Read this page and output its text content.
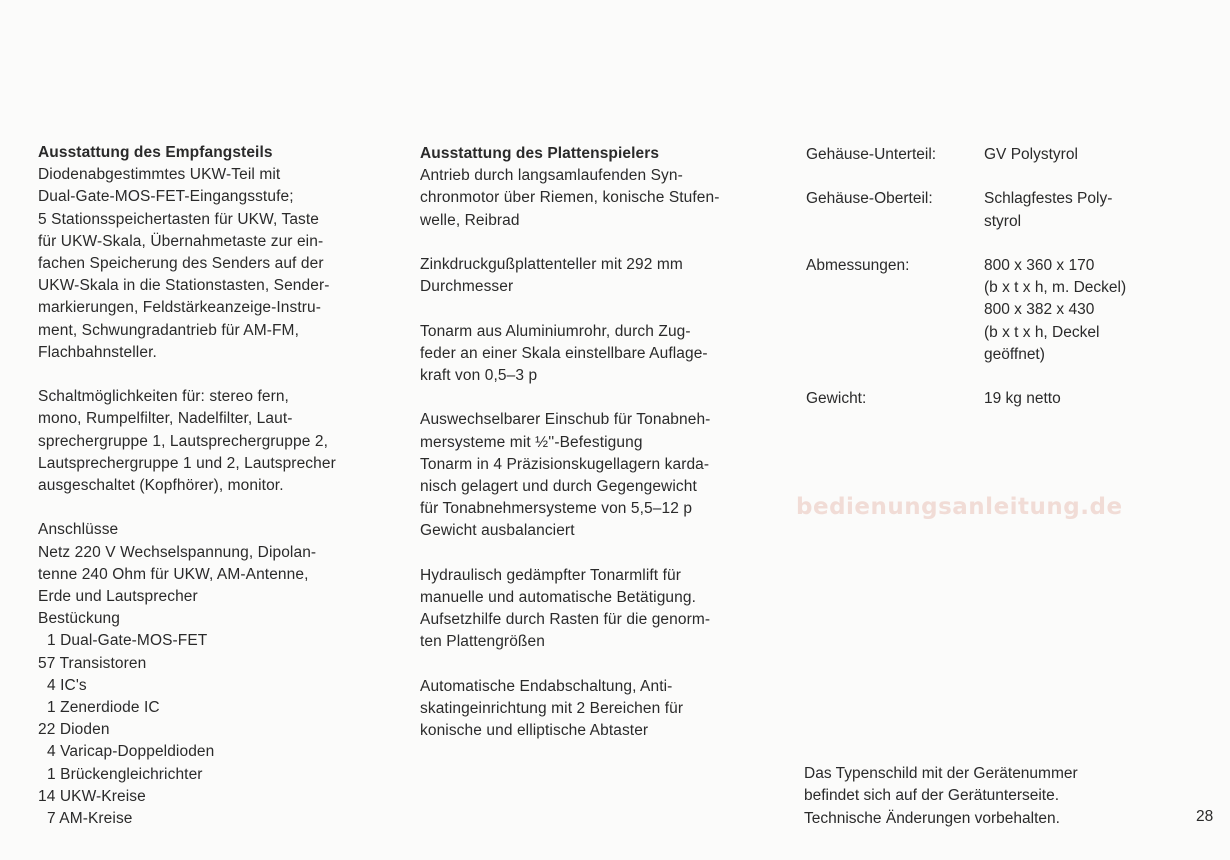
Ausstattung des Empfangsteils

Diodenabgestimmtes UKW-Teil mit

Dual-Gate-MOS-FET-Eingangsstufe;

5 Stationsspeichertasten für UKW, Taste

für UKW-Skala, Übernahmetaste zur ein-

fachen Speicherung des Senders auf der

UKW-Skala in die Stationstasten, Sender-

markierungen, Feldstärkeanzeige-Instru-

ment, Schwungradantrieb für AM-FM,

Flachbahnsteller.

Schaltmöglichkeiten für: stereo fern,

mono, Rumpelfilter, Nadelfilter, Laut-

sprechergruppe 1, Lautsprechergruppe 2,

Lautsprechergruppe 1 und 2, Lautsprecher

ausgeschaltet (Kopfhörer), monitor.

Anschlüsse

Netz 220 V Wechselspannung, Dipolan-

tenne 240 Ohm für UKW, AM-Antenne,

Erde und Lautsprecher

Bestückung

1 Dual-Gate-MOS-FET

57 Transistoren

4 IC's

1 Zenerdiode IC

22 Dioden

4 Varicap-Doppeldioden

1 Brückengleichrichter

14 UKW-Kreise

7 AM-Kreise

Ausstattung des Plattenspielers

Antrieb durch langsamlaufenden Syn-

chronmotor über Riemen, konische Stufen-

welle, Reibrad

Zinkdruckgußplattenteller mit 292 mm

Durchmesser

Tonarm aus Aluminiumrohr, durch Zug-

feder an einer Skala einstellbare Auflage-

kraft von 0,5–3 p

Auswechselbarer Einschub für Tonabneh-

mersysteme mit ½''-Befestigung

Tonarm in 4 Präzisionskugellagern karda-

nisch gelagert und durch Gegengewicht

für Tonabnehmersysteme von 5,5–12 p

Gewicht ausbalanciert

Hydraulisch gedämpfter Tonarmlift für

manuelle und automatische Betätigung.

Aufsetzhilfe durch Rasten für die genorm-

ten Plattengrößen

Automatische Endabschaltung, Anti-

skatingeinrichtung mit 2 Bereichen für

konische und elliptische Abtaster

Gehäuse-Unterteil:	GV Polystyrol
Gehäuse-Oberteil:	Schlagfestes Poly-
styrol
Abmessungen:	800 x 360 x 170
(b x t x h, m. Deckel)
800 x 382 x 430
(b x t x h, Deckel
geöffnet)
Gewicht:	19 kg netto
bedienungsanleitung.de
Das Typenschild mit der Gerätenummer
befindet sich auf der Gerätunterseite.
Technische Änderungen vorbehalten.	28
